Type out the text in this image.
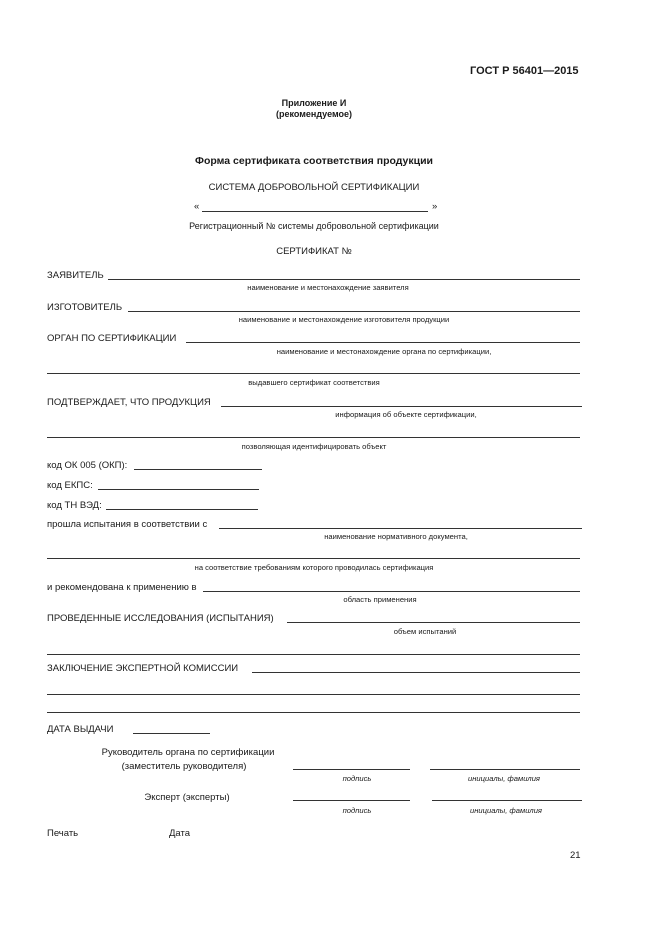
ГОСТ Р 56401—2015
Приложение И
(рекомендуемое)
Форма сертификата соответствия продукции
СИСТЕМА ДОБРОВОЛЬНОЙ СЕРТИФИКАЦИИ
«	»
Регистрационный № системы добровольной сертификации
СЕРТИФИКАТ №
ЗАЯВИТЕЛЬ
наименование и местонахождение заявителя
ИЗГОТОВИТЕЛЬ
наименование и местонахождение изготовителя продукции
ОРГАН ПО СЕРТИФИКАЦИИ
наименование и местонахождение органа по сертификации,
выдавшего сертификат соответствия
ПОДТВЕРЖДАЕТ, ЧТО ПРОДУКЦИЯ
информация об объекте сертификации,
позволяющая идентифицировать объект
код ОК 005 (ОКП):
код ЕКПС:
код ТН ВЭД:
прошла испытания в соответствии с
наименование нормативного документа,
на соответствие требованиям которого проводилась сертификация
и рекомендована к применению в
область применения
ПРОВЕДЕННЫЕ ИССЛЕДОВАНИЯ (ИСПЫТАНИЯ)
объем испытаний
ЗАКЛЮЧЕНИЕ ЭКСПЕРТНОЙ КОМИССИИ
ДАТА ВЫДАЧИ
Руководитель органа по сертификации
(заместитель руководителя)
подпись	инициалы, фамилия
Эксперт (эксперты)
подпись	инициалы, фамилия
Печать	Дата
21
